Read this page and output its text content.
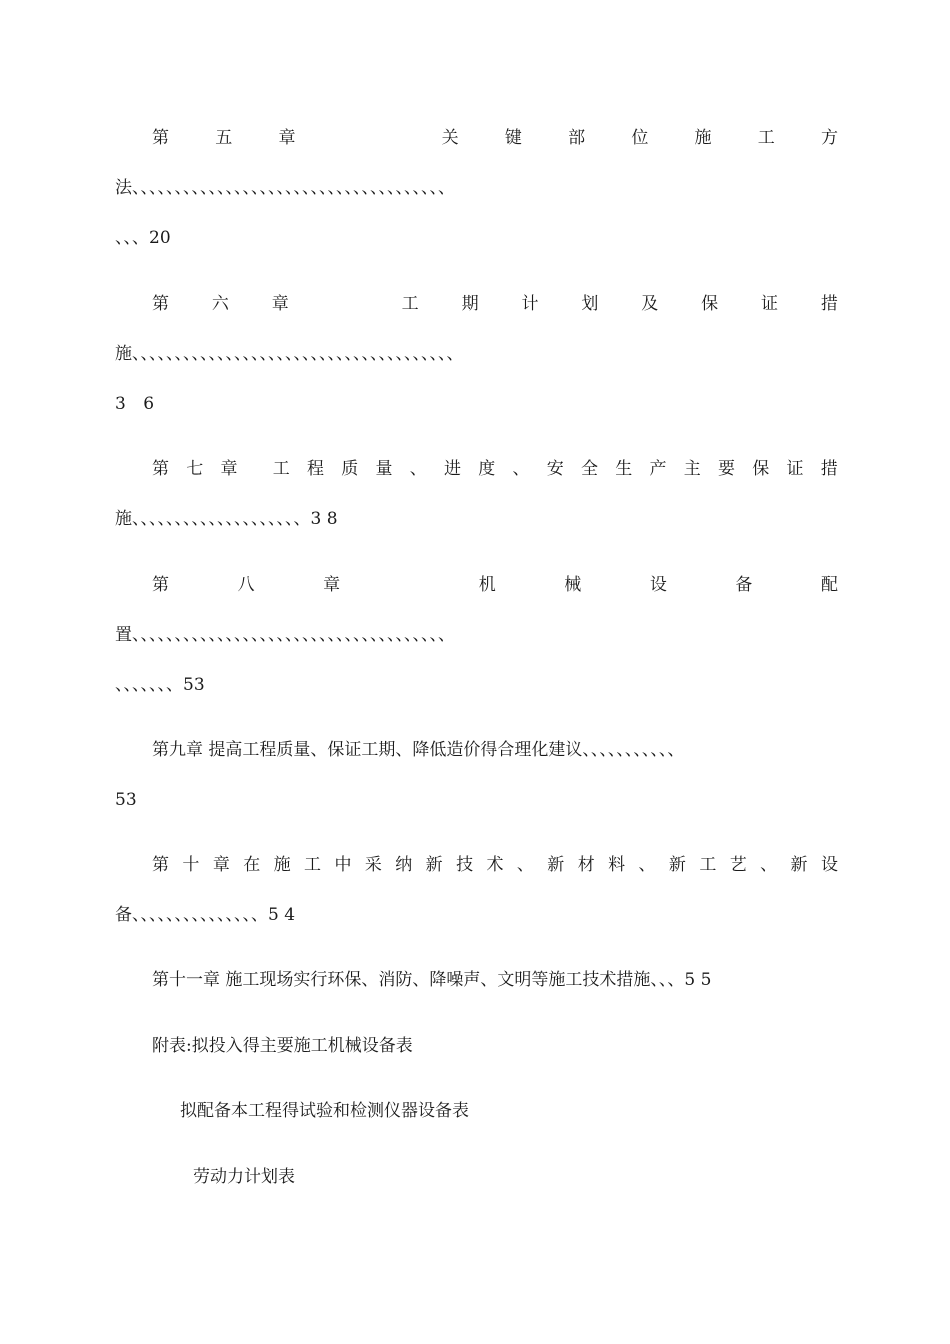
第	五	章	关	键	部	位	施	工	方
法、、、、、、、、、、、、、、、、、、、、、、、、、、、、、、、、、、、、、
、、、20
第	六	章	工	期	计	划	及	保	证	措
施、、、、、、、、、、、、、、、、、、、、、、、、、、、、、、、、、、、、、、
3 6
第 七 章 工 程 质 量 、 进 度 、 安 全 生 产 主 要 保 证 措
施、、、、、、、、、、、、、、、、、、、、3 8
第	八	章	机	械	设	备	配
置、、、、、、、、、、、、、、、、、、、、、、、、、、、、、、、、、、、、、
、、、、、、、53
第九章 提高工程质量、保证工期、降低造价得合理化建议、、、、、、、、、、、
53
第 十 章 在 施 工 中 采 纳 新 技 术 、 新 材 料 、 新 工 艺 、 新 设
备、、、、、、、、、、、、、、、5 4
第十一章 施工现场实行环保、消防、降噪声、文明等施工技术措施、、、5 5
附表:拟投入得主要施工机械设备表
拟配备本工程得试验和检测仪器设备表
劳动力计划表
